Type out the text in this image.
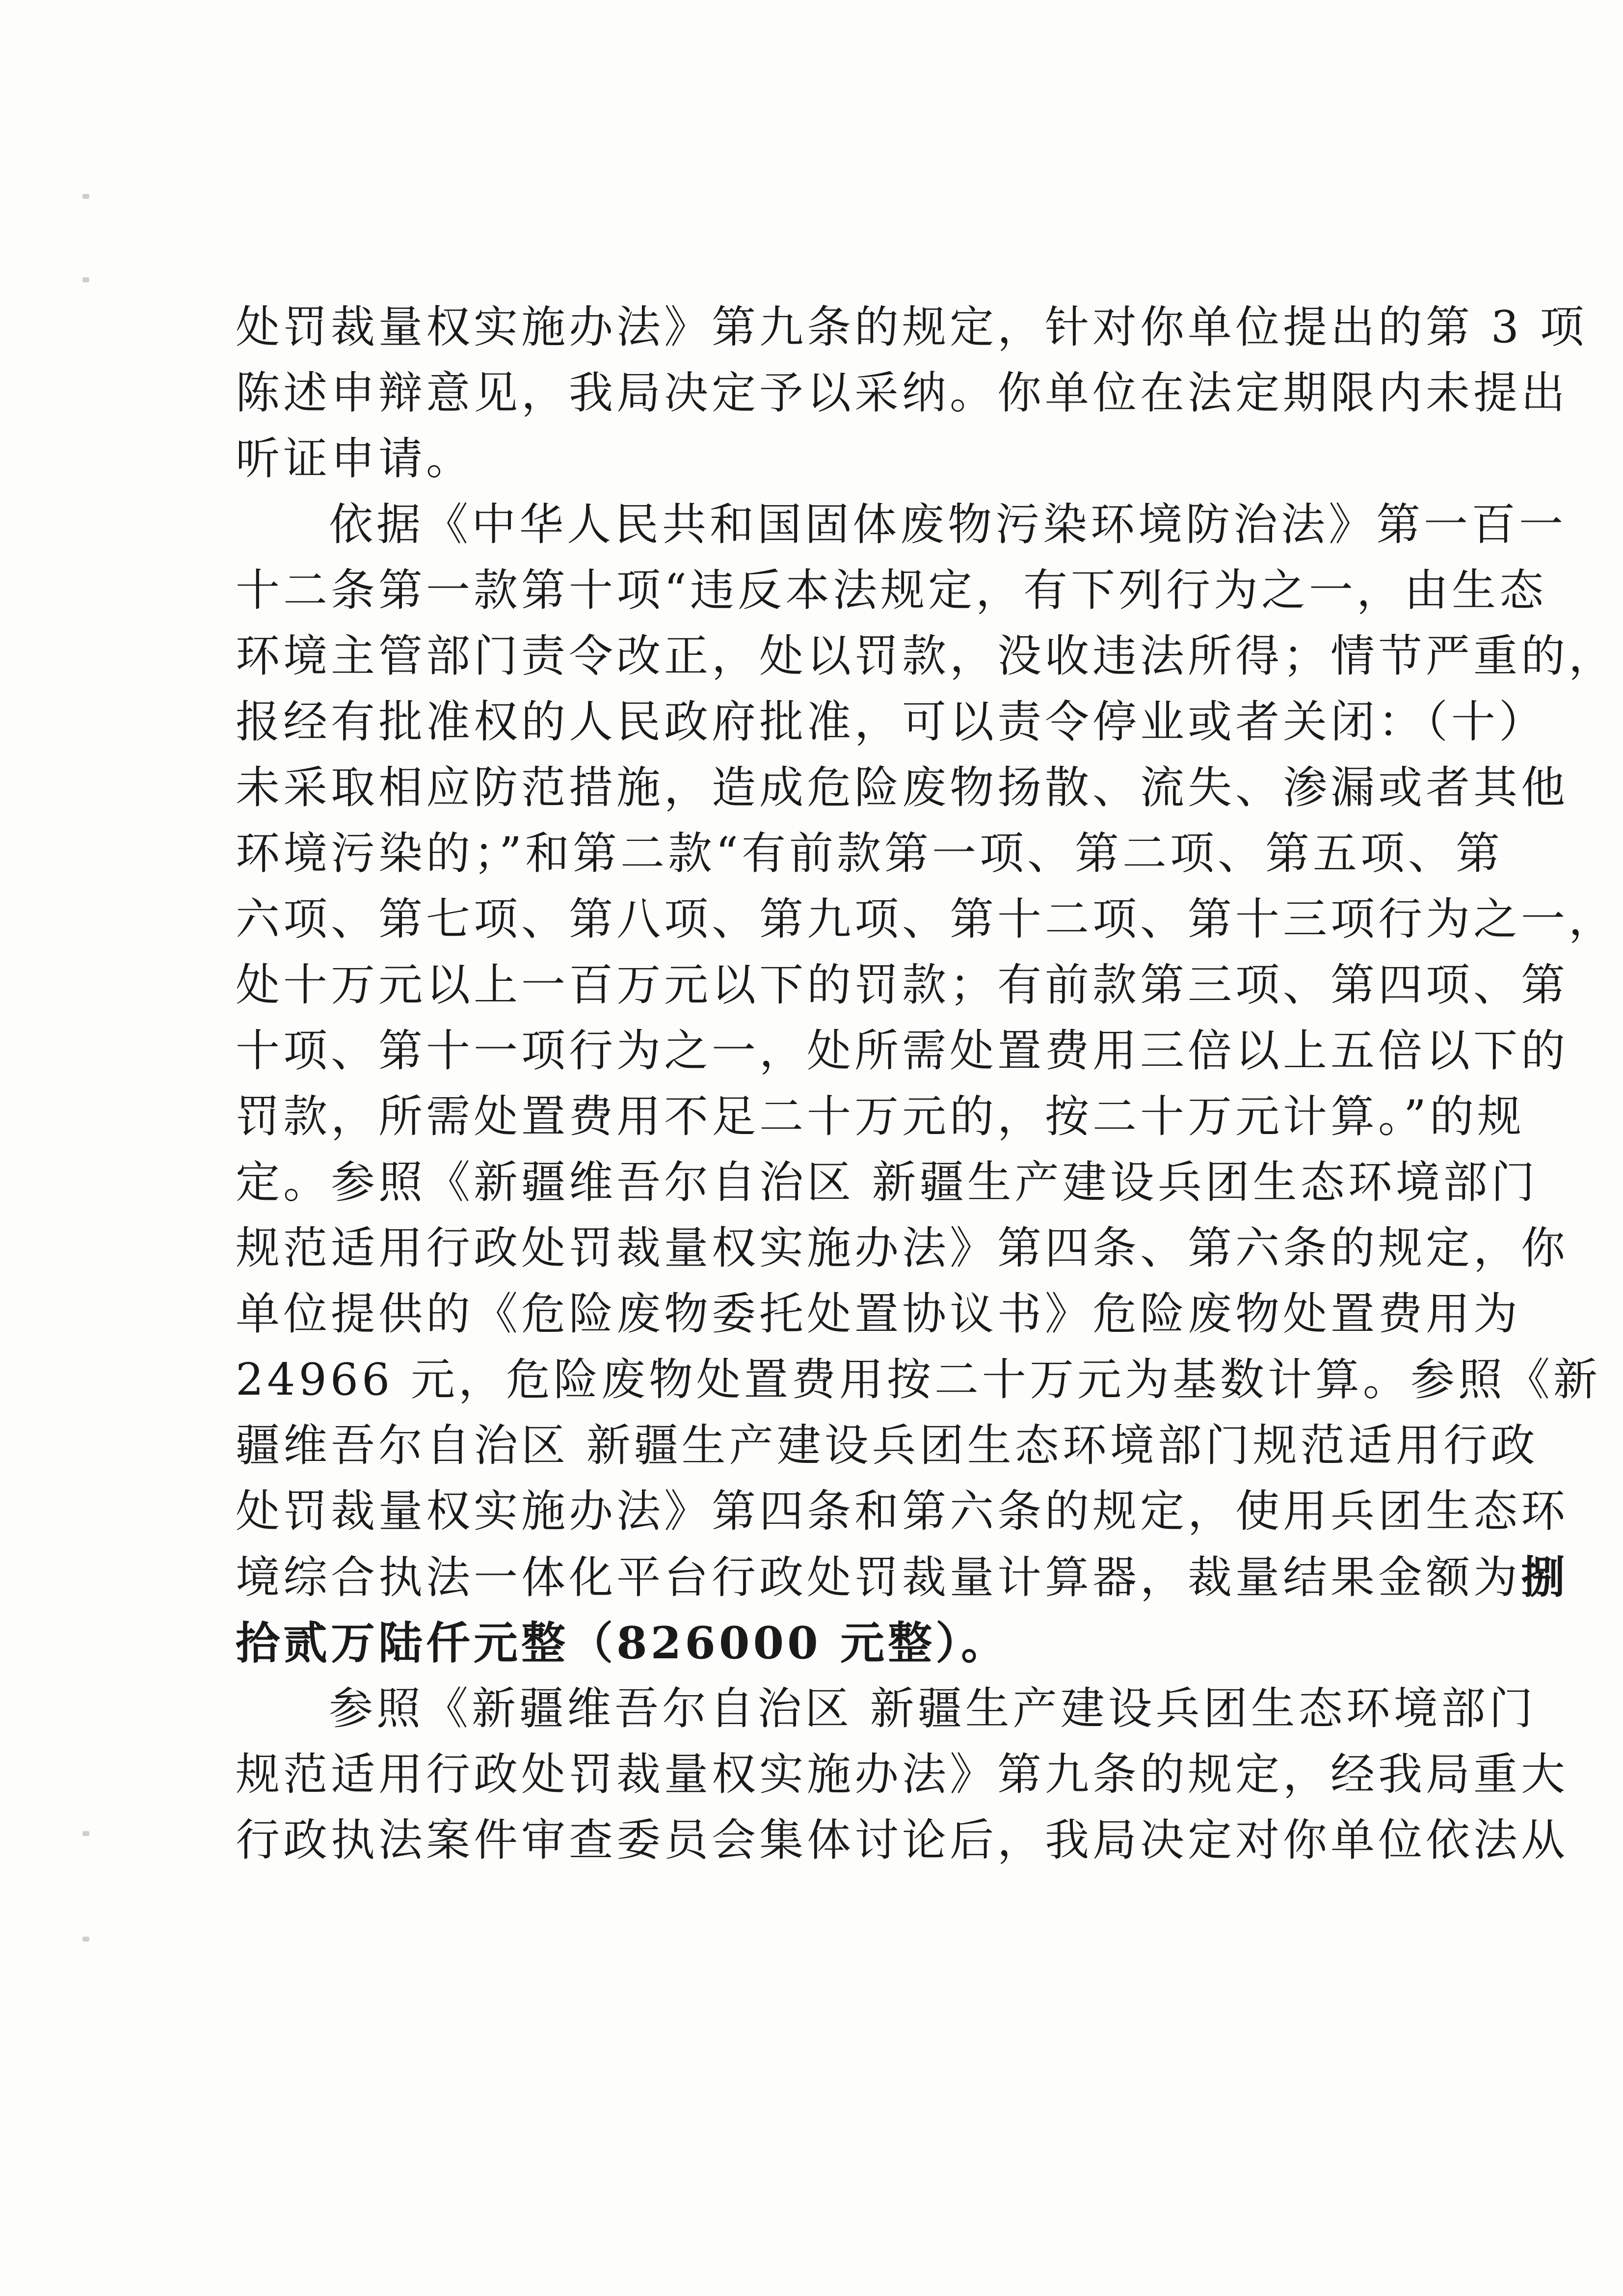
处罚裁量权实施办法》第九条的规定，针对你单位提出的第 3 项
陈述申辩意见，我局决定予以采纳。你单位在法定期限内未提出
听证申请。
依据《中华人民共和国固体废物污染环境防治法》第一百一
十二条第一款第十项“违反本法规定，有下列行为之一，由生态
环境主管部门责令改正，处以罚款，没收违法所得；情节严重的，
报经有批准权的人民政府批准，可以责令停业或者关闭：（十）
未采取相应防范措施，造成危险废物扬散、流失、渗漏或者其他
环境污染的；”和第二款“有前款第一项、第二项、第五项、第
六项、第七项、第八项、第九项、第十二项、第十三项行为之一，
处十万元以上一百万元以下的罚款；有前款第三项、第四项、第
十项、第十一项行为之一，处所需处置费用三倍以上五倍以下的
罚款，所需处置费用不足二十万元的，按二十万元计算。”的规
定。参照《新疆维吾尔自治区 新疆生产建设兵团生态环境部门
规范适用行政处罚裁量权实施办法》第四条、第六条的规定，你
单位提供的《危险废物委托处置协议书》危险废物处置费用为
24966 元，危险废物处置费用按二十万元为基数计算。参照《新
疆维吾尔自治区 新疆生产建设兵团生态环境部门规范适用行政
处罚裁量权实施办法》第四条和第六条的规定，使用兵团生态环
境综合执法一体化平台行政处罚裁量计算器，裁量结果金额为捌
拾贰万陆仟元整（826000 元整）。
参照《新疆维吾尔自治区 新疆生产建设兵团生态环境部门
规范适用行政处罚裁量权实施办法》第九条的规定，经我局重大
行政执法案件审查委员会集体讨论后，我局决定对你单位依法从
